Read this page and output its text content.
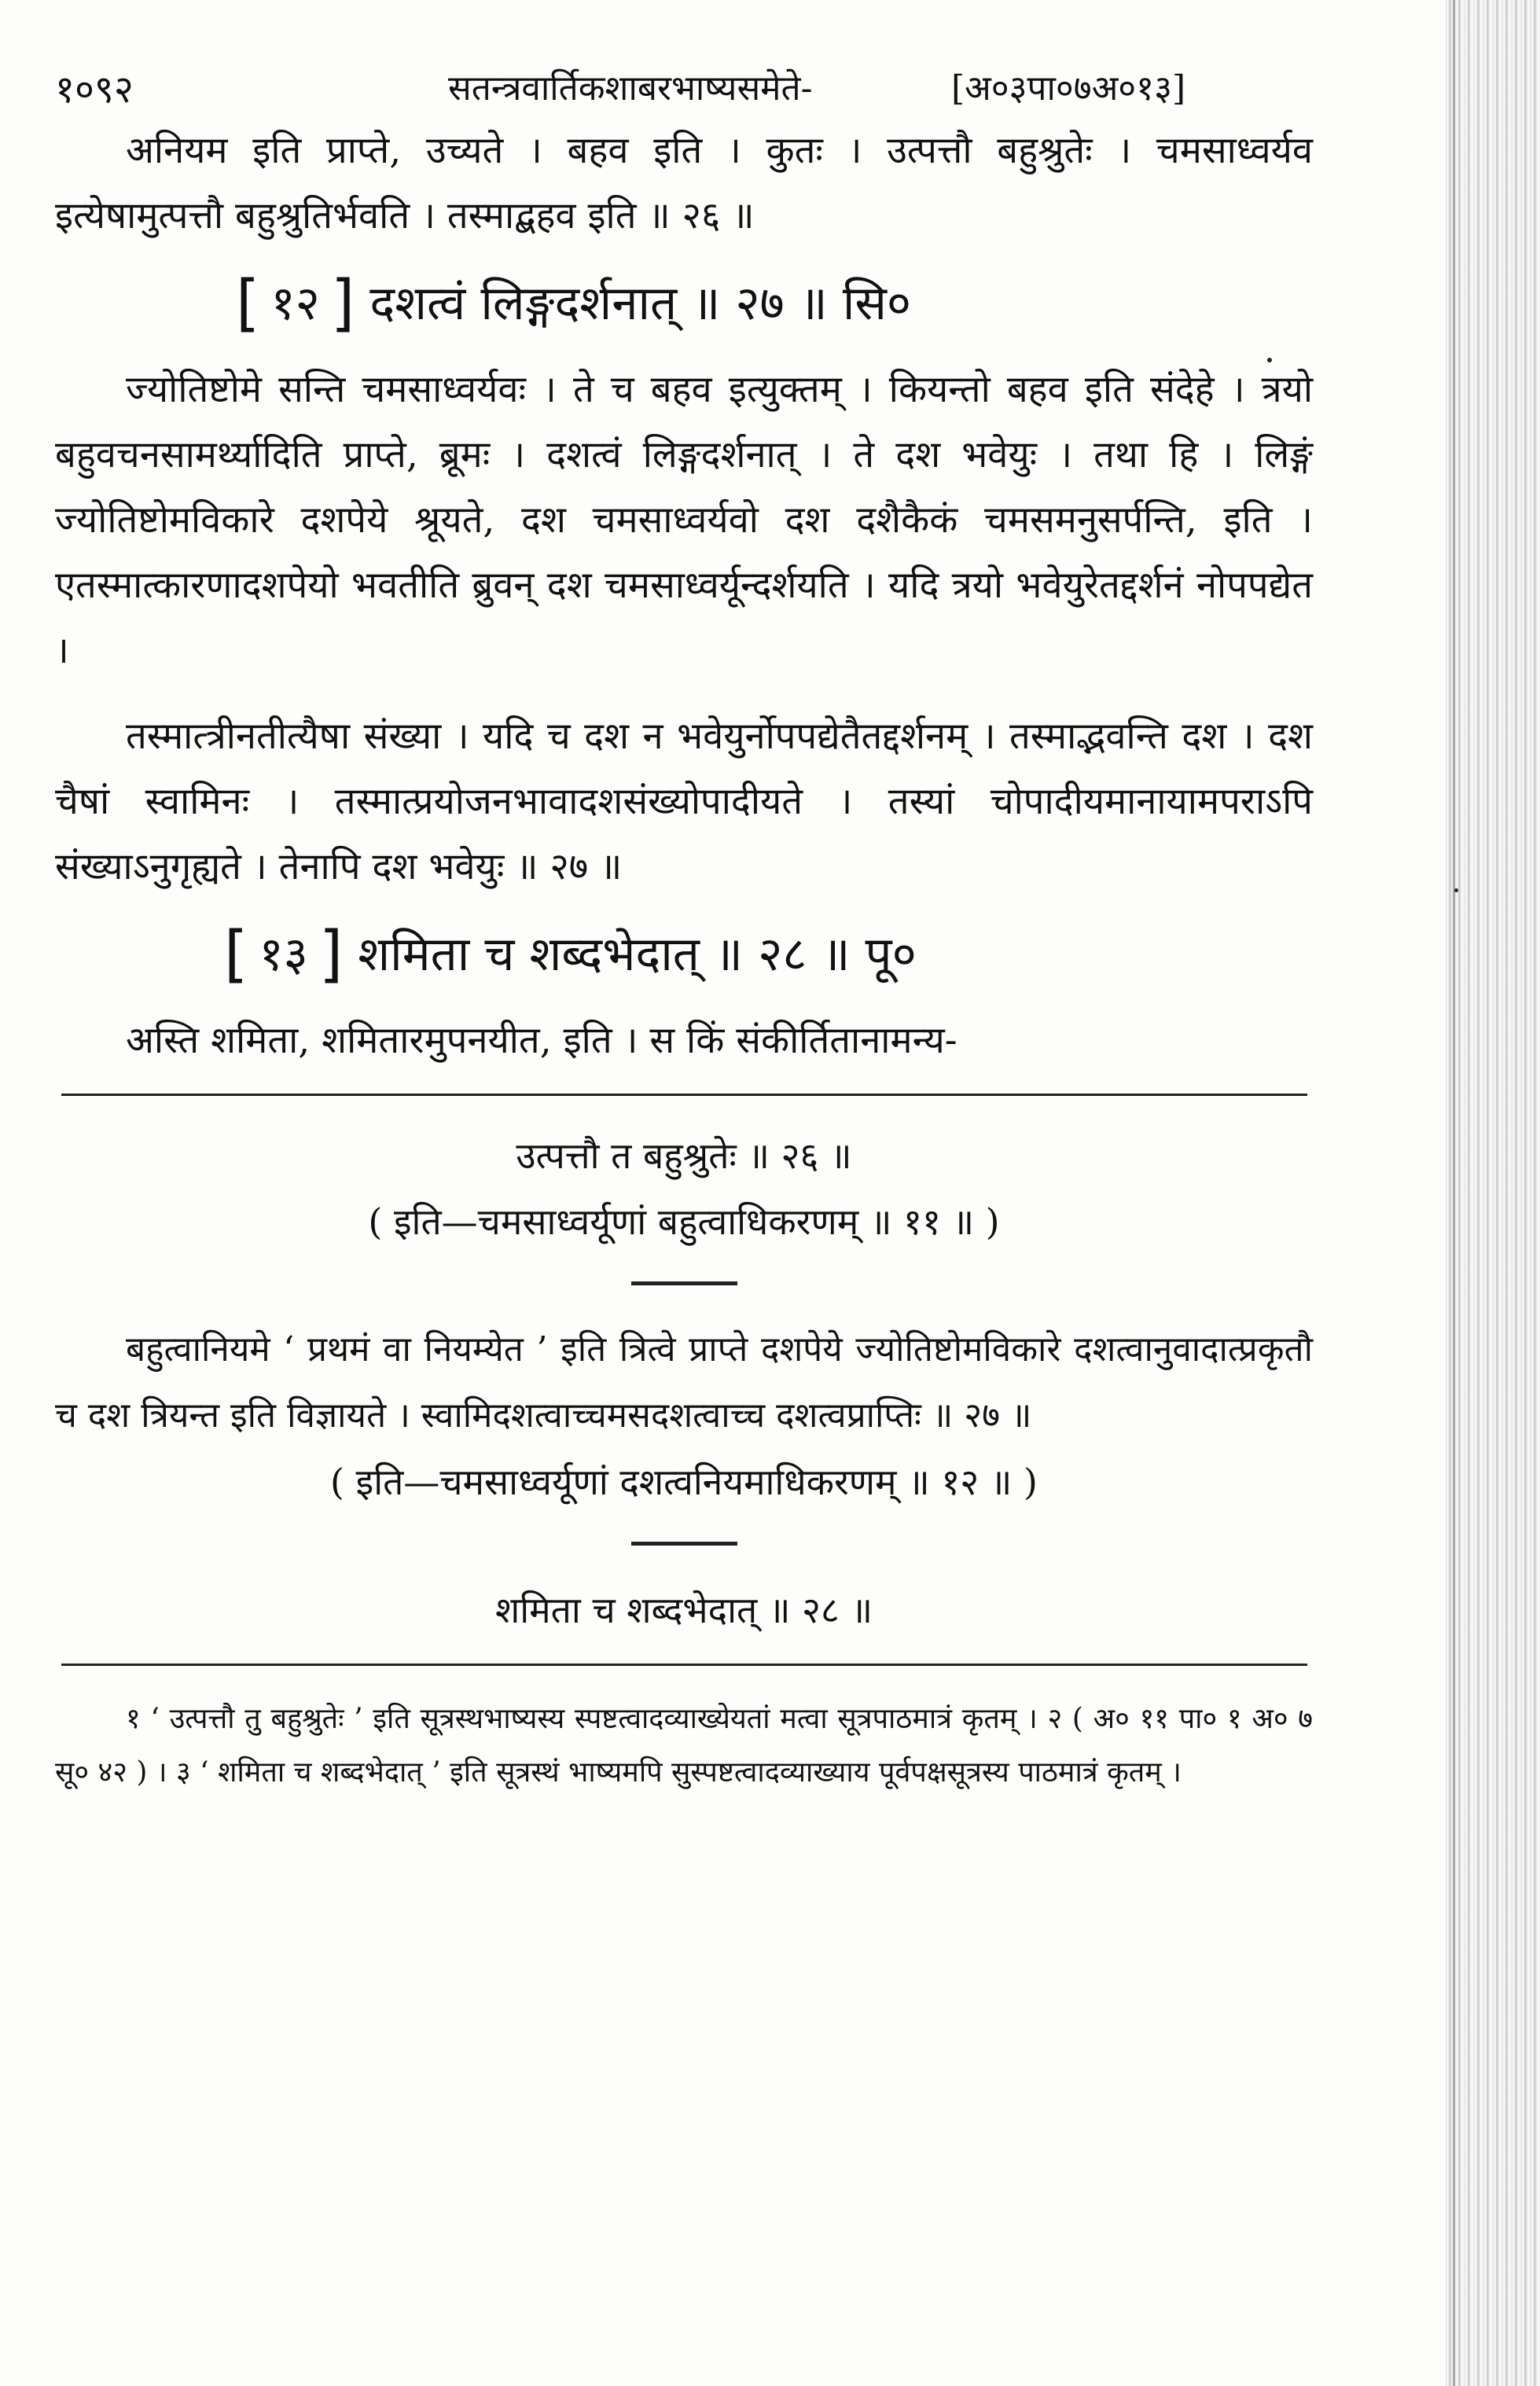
१०९२	सतन्त्रवार्तिकशाबरभाष्यसमेते-	[अ०३पा०७अ०१३]

अनियम इति प्राप्ते, उच्यते । बहव इति । कुतः । उत्पत्तौ बहुश्रुतेः । चमसाध्वर्यव इत्येषामुत्पत्तौ बहुश्रुतिर्भवति । तस्माद्बहव इति ॥ २६ ॥

[ १२ ] दशत्वं लिङ्गदर्शनात् ॥ २७ ॥ सि०

ज्योतिष्टोमे सन्ति चमसाध्वर्यवः । ते च बहव इत्युक्तम् । कियन्तो बहव इति संदेहे । त्रयो बहुवचनसामर्थ्यादिति प्राप्ते, ब्रूमः । दशत्वं लिङ्गदर्शनात् । ते दश भवेयुः । तथा हि । लिङ्गं ज्योतिष्टोमविकारे दशपेये श्रूयते, दश चमसाध्वर्यवो दश दशैकैकं चमसमनुसर्पन्ति, इति । एतस्मात्कारणादशपेयो भवतीति ब्रुवन् दश चमसाध्वर्यून्दर्शयति । यदि त्रयो भवेयुरेतद्दर्शनं नोपपद्येत ।

तस्मात्त्रीनतीत्यैषा संख्या । यदि च दश न भवेयुर्नोपपद्येतैतद्दर्शनम् । तस्माद्भवन्ति दश । दश चैषां स्वामिनः । तस्मात्प्रयोजनभावादशसंख्योपादीयते । तस्यां चोपादीयमानायामपराऽपि संख्याऽनुगृह्यते । तेनापि दश भवेयुः ॥ २७ ॥

[ १३ ] शमिता च शब्दभेदात् ॥ २८ ॥ पू०

अस्ति शमिता, शमितारमुपनयीत, इति । स किं संकीर्तितानामन्य-

उत्पत्तौ त बहुश्रुतेः ॥ २६ ॥

( इति—चमसाध्वर्यूणां बहुत्वाधिकरणम् ॥ ११ ॥ )

बहुत्वानियमे ‘ प्रथमं वा नियम्येत ’ इति त्रित्वे प्राप्ते दशपेये ज्योतिष्टोमविकारे दशत्वानुवादात्प्रकृतौ च दश त्रियन्त इति विज्ञायते । स्वामिदशत्वाच्चमसदशत्वाच्च दशत्वप्राप्तिः ॥ २७ ॥

( इति—चमसाध्वर्यूणां दशत्वनियमाधिकरणम् ॥ १२ ॥ )

शमिता च शब्दभेदात् ॥ २८ ॥

१ ‘ उत्पत्तौ तु बहुश्रुतेः ’ इति सूत्रस्थभाष्यस्य स्पष्टत्वादव्याख्येयतां मत्वा सूत्रपाठमात्रं कृतम् । २ ( अ० ११ पा० १ अ० ७ सू० ४२ ) । ३ ‘ शमिता च शब्दभेदात् ’ इति सूत्रस्थं भाष्यमपि सुस्पष्टत्वादव्याख्याय पूर्वपक्षसूत्रस्य पाठमात्रं कृतम् ।
